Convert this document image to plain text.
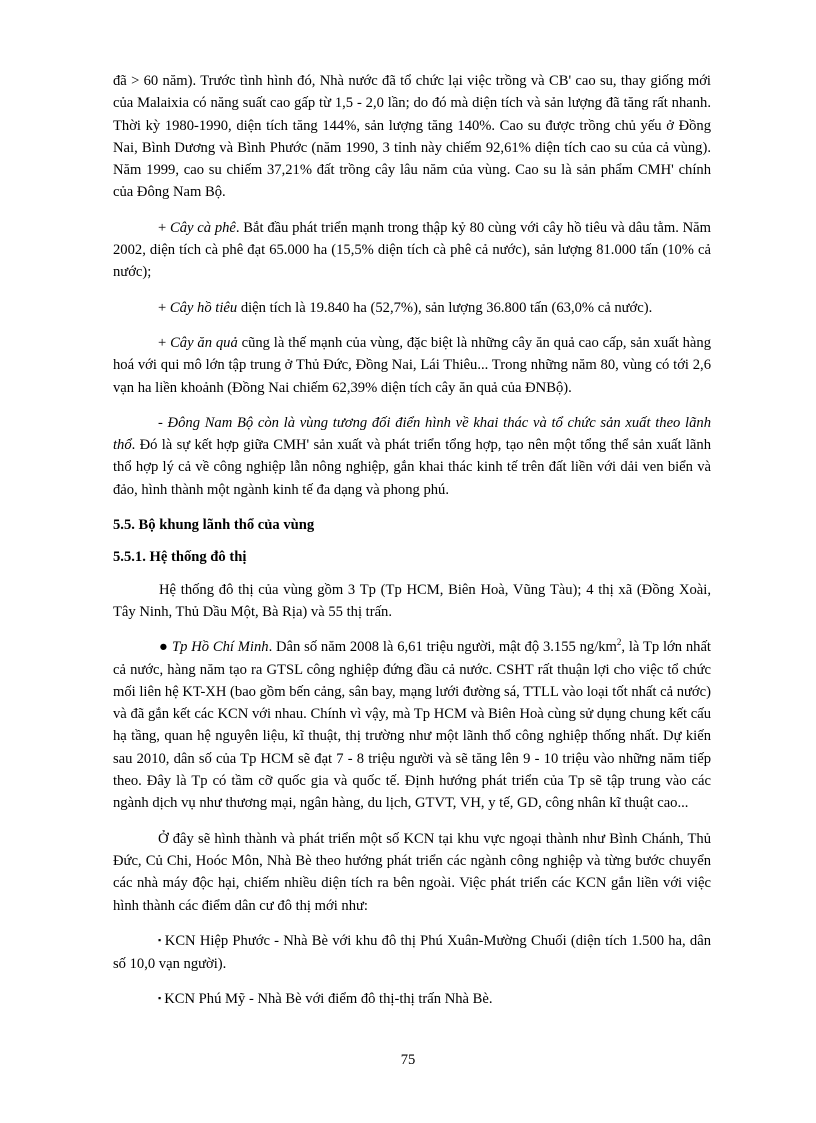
đã > 60 năm). Trước tình hình đó, Nhà nước đã tổ chức lại việc trồng và CB' cao su, thay giống mới của Malaixia có năng suất cao gấp từ 1,5 - 2,0 lần; do đó mà diện tích và sản lượng đã tăng rất nhanh. Thời kỳ 1980-1990, diện tích tăng 144%, sản lượng tăng 140%. Cao su được trồng chủ yếu ở Đồng Nai, Bình Dương và Bình Phước (năm 1990, 3 tỉnh này chiếm 92,61% diện tích cao su của cả vùng). Năm 1999, cao su chiếm 37,21% đất trồng cây lâu năm của vùng. Cao su là sản phẩm CMH' chính của Đông Nam Bộ.

+ Cây cà phê. Bắt đầu phát triển mạnh trong thập kỷ 80 cùng với cây hồ tiêu và dâu tằm. Năm 2002, diện tích cà phê đạt 65.000 ha (15,5% diện tích cà phê cả nước), sản lượng 81.000 tấn (10% cả nước);

+ Cây hồ tiêu diện tích là 19.840 ha (52,7%), sản lượng 36.800 tấn (63,0% cả nước).

+ Cây ăn quả cũng là thế mạnh của vùng, đặc biệt là những cây ăn quả cao cấp, sản xuất hàng hoá với qui mô lớn tập trung ở Thủ Đức, Đồng Nai, Lái Thiêu... Trong những năm 80, vùng có tới 2,6 vạn ha liền khoảnh (Đồng Nai chiếm 62,39% diện tích cây ăn quả của ĐNBộ).

- Đông Nam Bộ còn là vùng tương đối điển hình về khai thác và tổ chức sản xuất theo lãnh thổ. Đó là sự kết hợp giữa CMH' sản xuất và phát triển tổng hợp, tạo nên một tổng thể sản xuất lãnh thổ hợp lý cả về công nghiệp lẫn nông nghiệp, gắn khai thác kinh tế trên đất liền với dải ven biển và đảo, hình thành một ngành kinh tế đa dạng và phong phú.

5.5. Bộ khung lãnh thổ của vùng

5.5.1. Hệ thống đô thị

Hệ thống đô thị của vùng gồm 3 Tp (Tp HCM, Biên Hoà, Vũng Tàu); 4 thị xã (Đồng Xoài, Tây Ninh, Thủ Dầu Một, Bà Rịa) và 55 thị trấn.

● Tp Hồ Chí Minh. Dân số năm 2008 là 6,61 triệu người, mật độ 3.155 $ng/km^2$, là Tp lớn nhất cả nước, hàng năm tạo ra GTSL công nghiệp đứng đầu cả nước. CSHT rất thuận lợi cho việc tổ chức mối liên hệ KT-XH (bao gồm bến cảng, sân bay, mạng lưới đường sá, TTLL vào loại tốt nhất cả nước) và đã gắn kết các KCN với nhau. Chính vì vậy, mà Tp HCM và Biên Hoà cùng sử dụng chung kết cấu hạ tầng, quan hệ nguyên liệu, kĩ thuật, thị trường như một lãnh thổ công nghiệp thống nhất. Dự kiến sau 2010, dân số của Tp HCM sẽ đạt 7 - 8 triệu người và sẽ tăng lên 9 - 10 triệu vào những năm tiếp theo. Đây là Tp có tầm cỡ quốc gia và quốc tế. Định hướng phát triển của Tp sẽ tập trung vào các ngành dịch vụ như thương mại, ngân hàng, du lịch, GTVT, VH, y tế, GD, công nhân kĩ thuật cao...

Ở đây sẽ hình thành và phát triển một số KCN tại khu vực ngoại thành như Bình Chánh, Thủ Đức, Củ Chi, Hoóc Môn, Nhà Bè theo hướng phát triển các ngành công nghiệp và từng bước chuyển các nhà máy độc hại, chiếm nhiều diện tích ra bên ngoài. Việc phát triển các KCN gắn liền với việc hình thành các điểm dân cư đô thị mới như:

▪ KCN Hiệp Phước - Nhà Bè với khu đô thị Phú Xuân-Mường Chuối (diện tích 1.500 ha, dân số 10,0 vạn người).

▪ KCN Phú Mỹ - Nhà Bè với điểm đô thị-thị trấn Nhà Bè.

75
